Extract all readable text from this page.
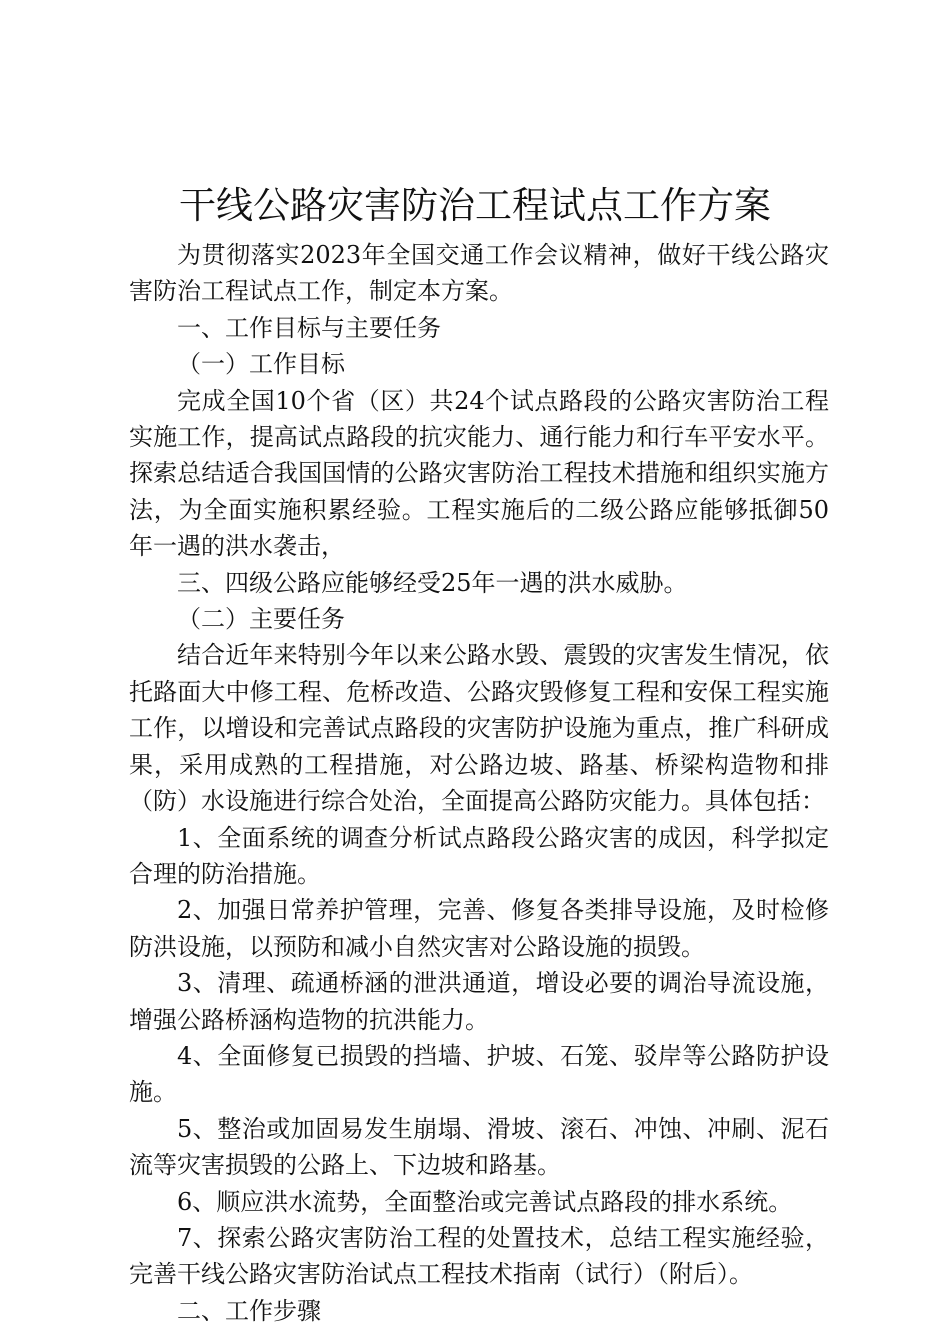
干线公路灾害防治工程试点工作方案

为贯彻落实2023年全国交通工作会议精神，做好干线公路灾害防治工程试点工作，制定本方案。

一、工作目标与主要任务

（一）工作目标

完成全国10个省（区）共24个试点路段的公路灾害防治工程实施工作，提高试点路段的抗灾能力、通行能力和行车平安水平。探索总结适合我国国情的公路灾害防治工程技术措施和组织实施方法，为全面实施积累经验。工程实施后的二级公路应能够抵御50年一遇的洪水袭击，

三、四级公路应能够经受25年一遇的洪水威胁。

（二）主要任务

结合近年来特别今年以来公路水毁、震毁的灾害发生情况，依托路面大中修工程、危桥改造、公路灾毁修复工程和安保工程实施工作，以增设和完善试点路段的灾害防护设施为重点，推广科研成果，采用成熟的工程措施，对公路边坡、路基、桥梁构造物和排（防）水设施进行综合处治，全面提高公路防灾能力。具体包括：

1、全面系统的调查分析试点路段公路灾害的成因，科学拟定合理的防治措施。

2、加强日常养护管理，完善、修复各类排导设施，及时检修防洪设施，以预防和减小自然灾害对公路设施的损毁。

3、清理、疏通桥涵的泄洪通道，增设必要的调治导流设施，增强公路桥涵构造物的抗洪能力。

4、全面修复已损毁的挡墙、护坡、石笼、驳岸等公路防护设施。

5、整治或加固易发生崩塌、滑坡、滚石、冲蚀、冲刷、泥石流等灾害损毁的公路上、下边坡和路基。

6、顺应洪水流势，全面整治或完善试点路段的排水系统。

7、探索公路灾害防治工程的处置技术，总结工程实施经验，完善干线公路灾害防治试点工程技术指南（试行）（附后）。

二、工作步骤
